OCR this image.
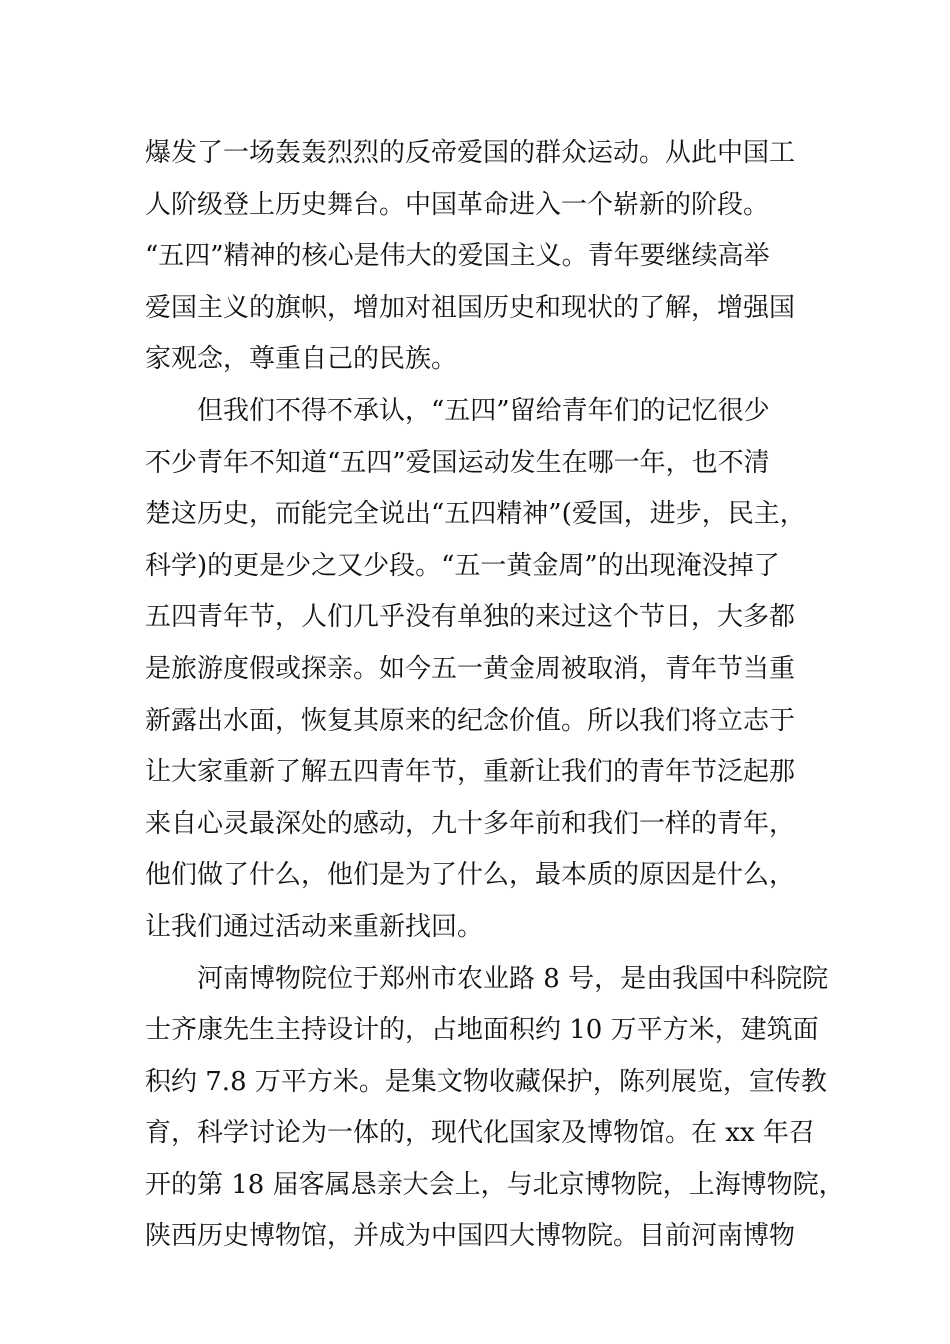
爆发了一场轰轰烈烈的反帝爱国的群众运动。从此中国工
人阶级登上历史舞台。中国革命进入一个崭新的阶段。
“五四”精神的核心是伟大的爱国主义。青年要继续高举
爱国主义的旗帜，增加对祖国历史和现状的了解，增强国
家观念，尊重自己的民族。
但我们不得不承认，“五四”留给青年们的记忆很少
不少青年不知道“五四”爱国运动发生在哪一年，也不清
楚这历史，而能完全说出“五四精神”(爱国，进步，民主，
科学)的更是少之又少段。“五一黄金周”的出现淹没掉了
五四青年节，人们几乎没有单独的来过这个节日，大多都
是旅游度假或探亲。如今五一黄金周被取消，青年节当重
新露出水面，恢复其原来的纪念价值。所以我们将立志于
让大家重新了解五四青年节，重新让我们的青年节泛起那
来自心灵最深处的感动，九十多年前和我们一样的青年，
他们做了什么，他们是为了什么，最本质的原因是什么，
让我们通过活动来重新找回。
河南博物院位于郑州市农业路 8 号，是由我国中科院院
士齐康先生主持设计的，占地面积约 10 万平方米，建筑面
积约 7.8 万平方米。是集文物收藏保护，陈列展览，宣传教
育，科学讨论为一体的，现代化国家及博物馆。在 xx 年召
开的第 18 届客属恳亲大会上，与北京博物院，上海博物院，
陕西历史博物馆，并成为中国四大博物院。目前河南博物
